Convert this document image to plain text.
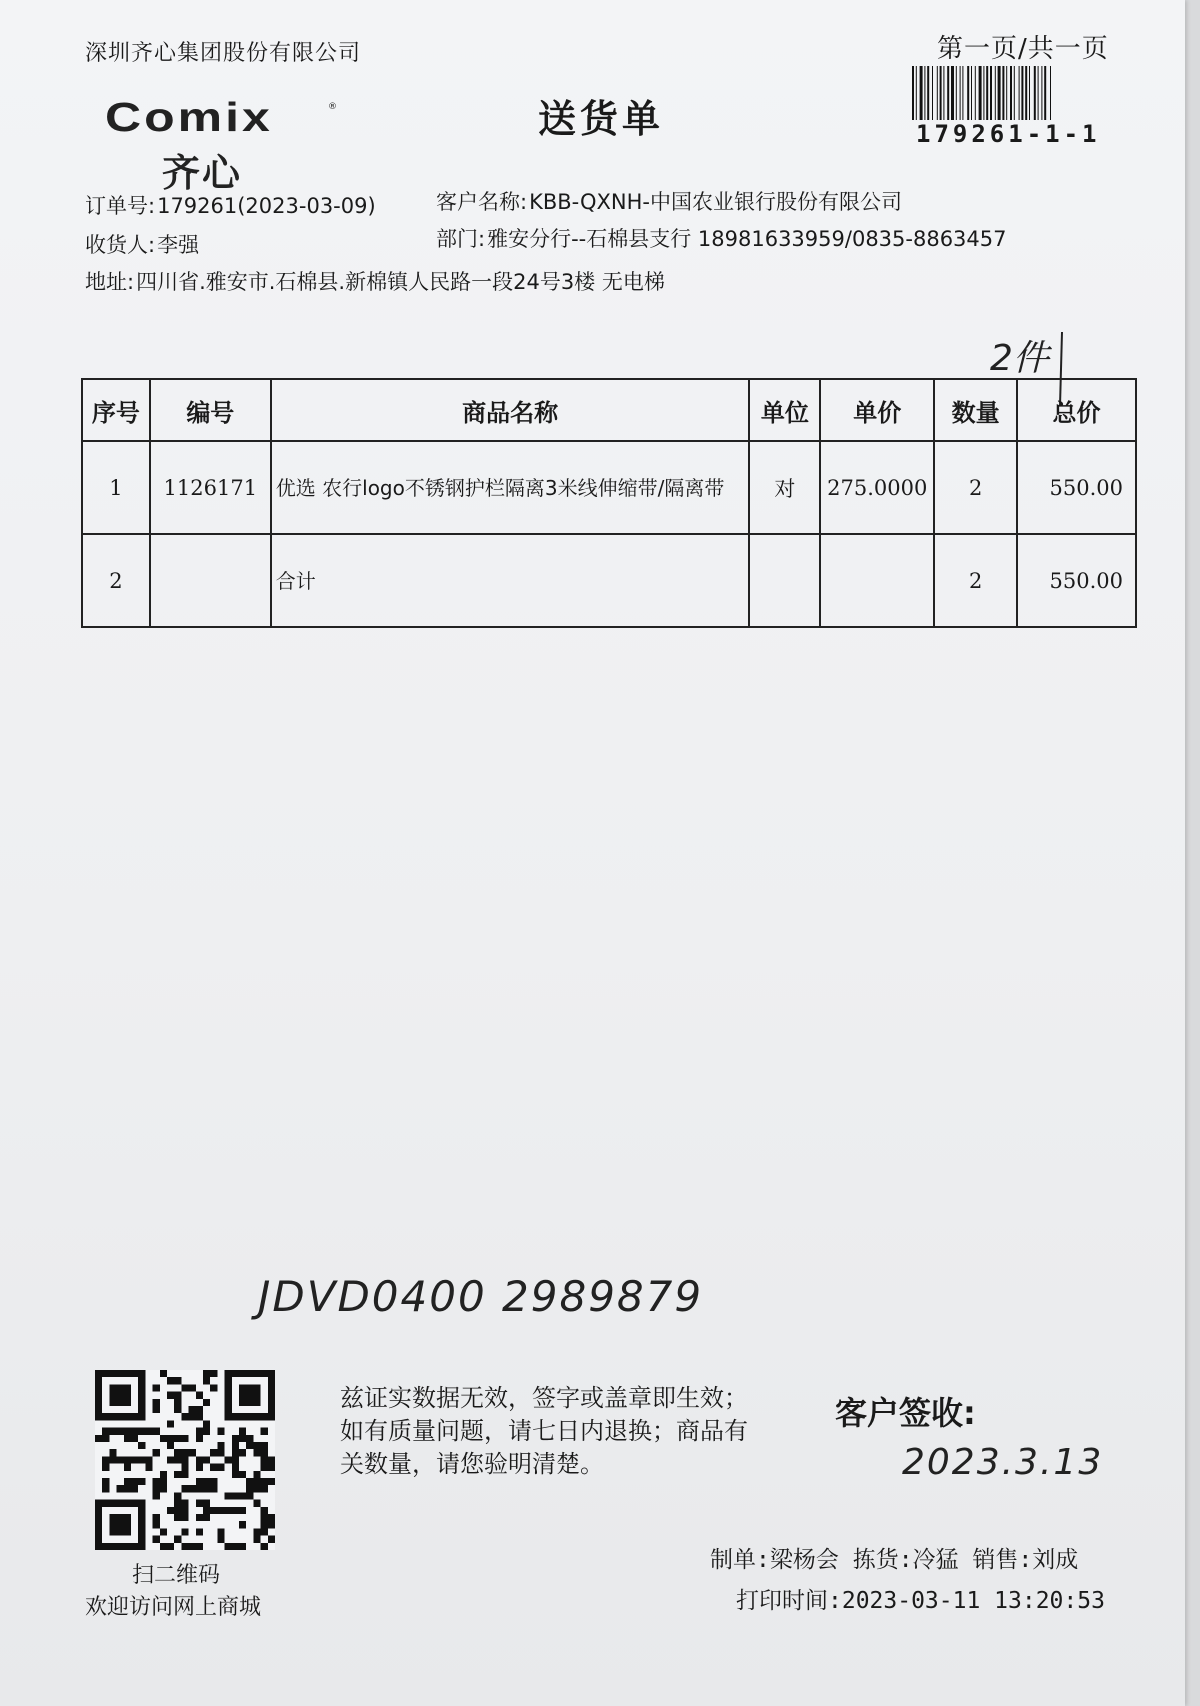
深圳齐心集团股份有限公司
Comix	®
齐心
送货单
第一页/共一页
179261-1-1
订单号:179261(2023-03-09)	客户名称:KBB-QXNH-中国农业银行股份有限公司
收货人:李强	部门:雅安分行--石棉县支行 18981633959/0835-8863457
地址:四川省.雅安市.石棉县.新棉镇人民路一段24号3楼 无电梯
2件
序号	编号	商品名称	单位	单价	数量	总价
1	1126171	优选 农行logo不锈钢护栏隔离3米线伸缩带/隔离带	对	275.0000	2	550.00
2		合计			2	550.00
JDVD0400 2989879
扫二维码
欢迎访问网上商城
兹证实数据无效，签字或盖章即生效；如有质量问题，请七日内退换；商品有关数量，请您验明清楚。
客户签收:
2023.3.13
制单:梁杨会 拣货:冷猛 销售:刘成
打印时间:2023-03-11 13:20:53
